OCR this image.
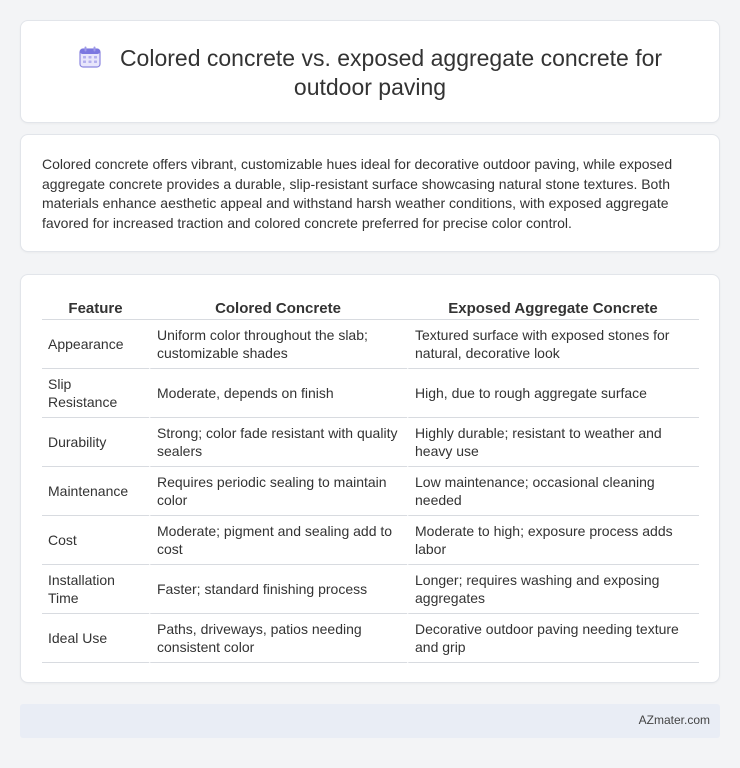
Colored concrete vs. exposed aggregate concrete for outdoor paving

Colored concrete offers vibrant, customizable hues ideal for decorative outdoor paving, while exposed aggregate concrete provides a durable, slip-resistant surface showcasing natural stone textures. Both materials enhance aesthetic appeal and withstand harsh weather conditions, with exposed aggregate favored for increased traction and colored concrete preferred for precise color control.

Feature	Colored Concrete	Exposed Aggregate Concrete
Appearance	Uniform color throughout the slab; customizable shades	Textured surface with exposed stones for natural, decorative look
Slip Resistance	Moderate, depends on finish	High, due to rough aggregate surface
Durability	Strong; color fade resistant with quality sealers	Highly durable; resistant to weather and heavy use
Maintenance	Requires periodic sealing to maintain color	Low maintenance; occasional cleaning needed
Cost	Moderate; pigment and sealing add to cost	Moderate to high; exposure process adds labor
Installation Time	Faster; standard finishing process	Longer; requires washing and exposing aggregates
Ideal Use	Paths, driveways, patios needing consistent color	Decorative outdoor paving needing texture and grip
AZmater.com
